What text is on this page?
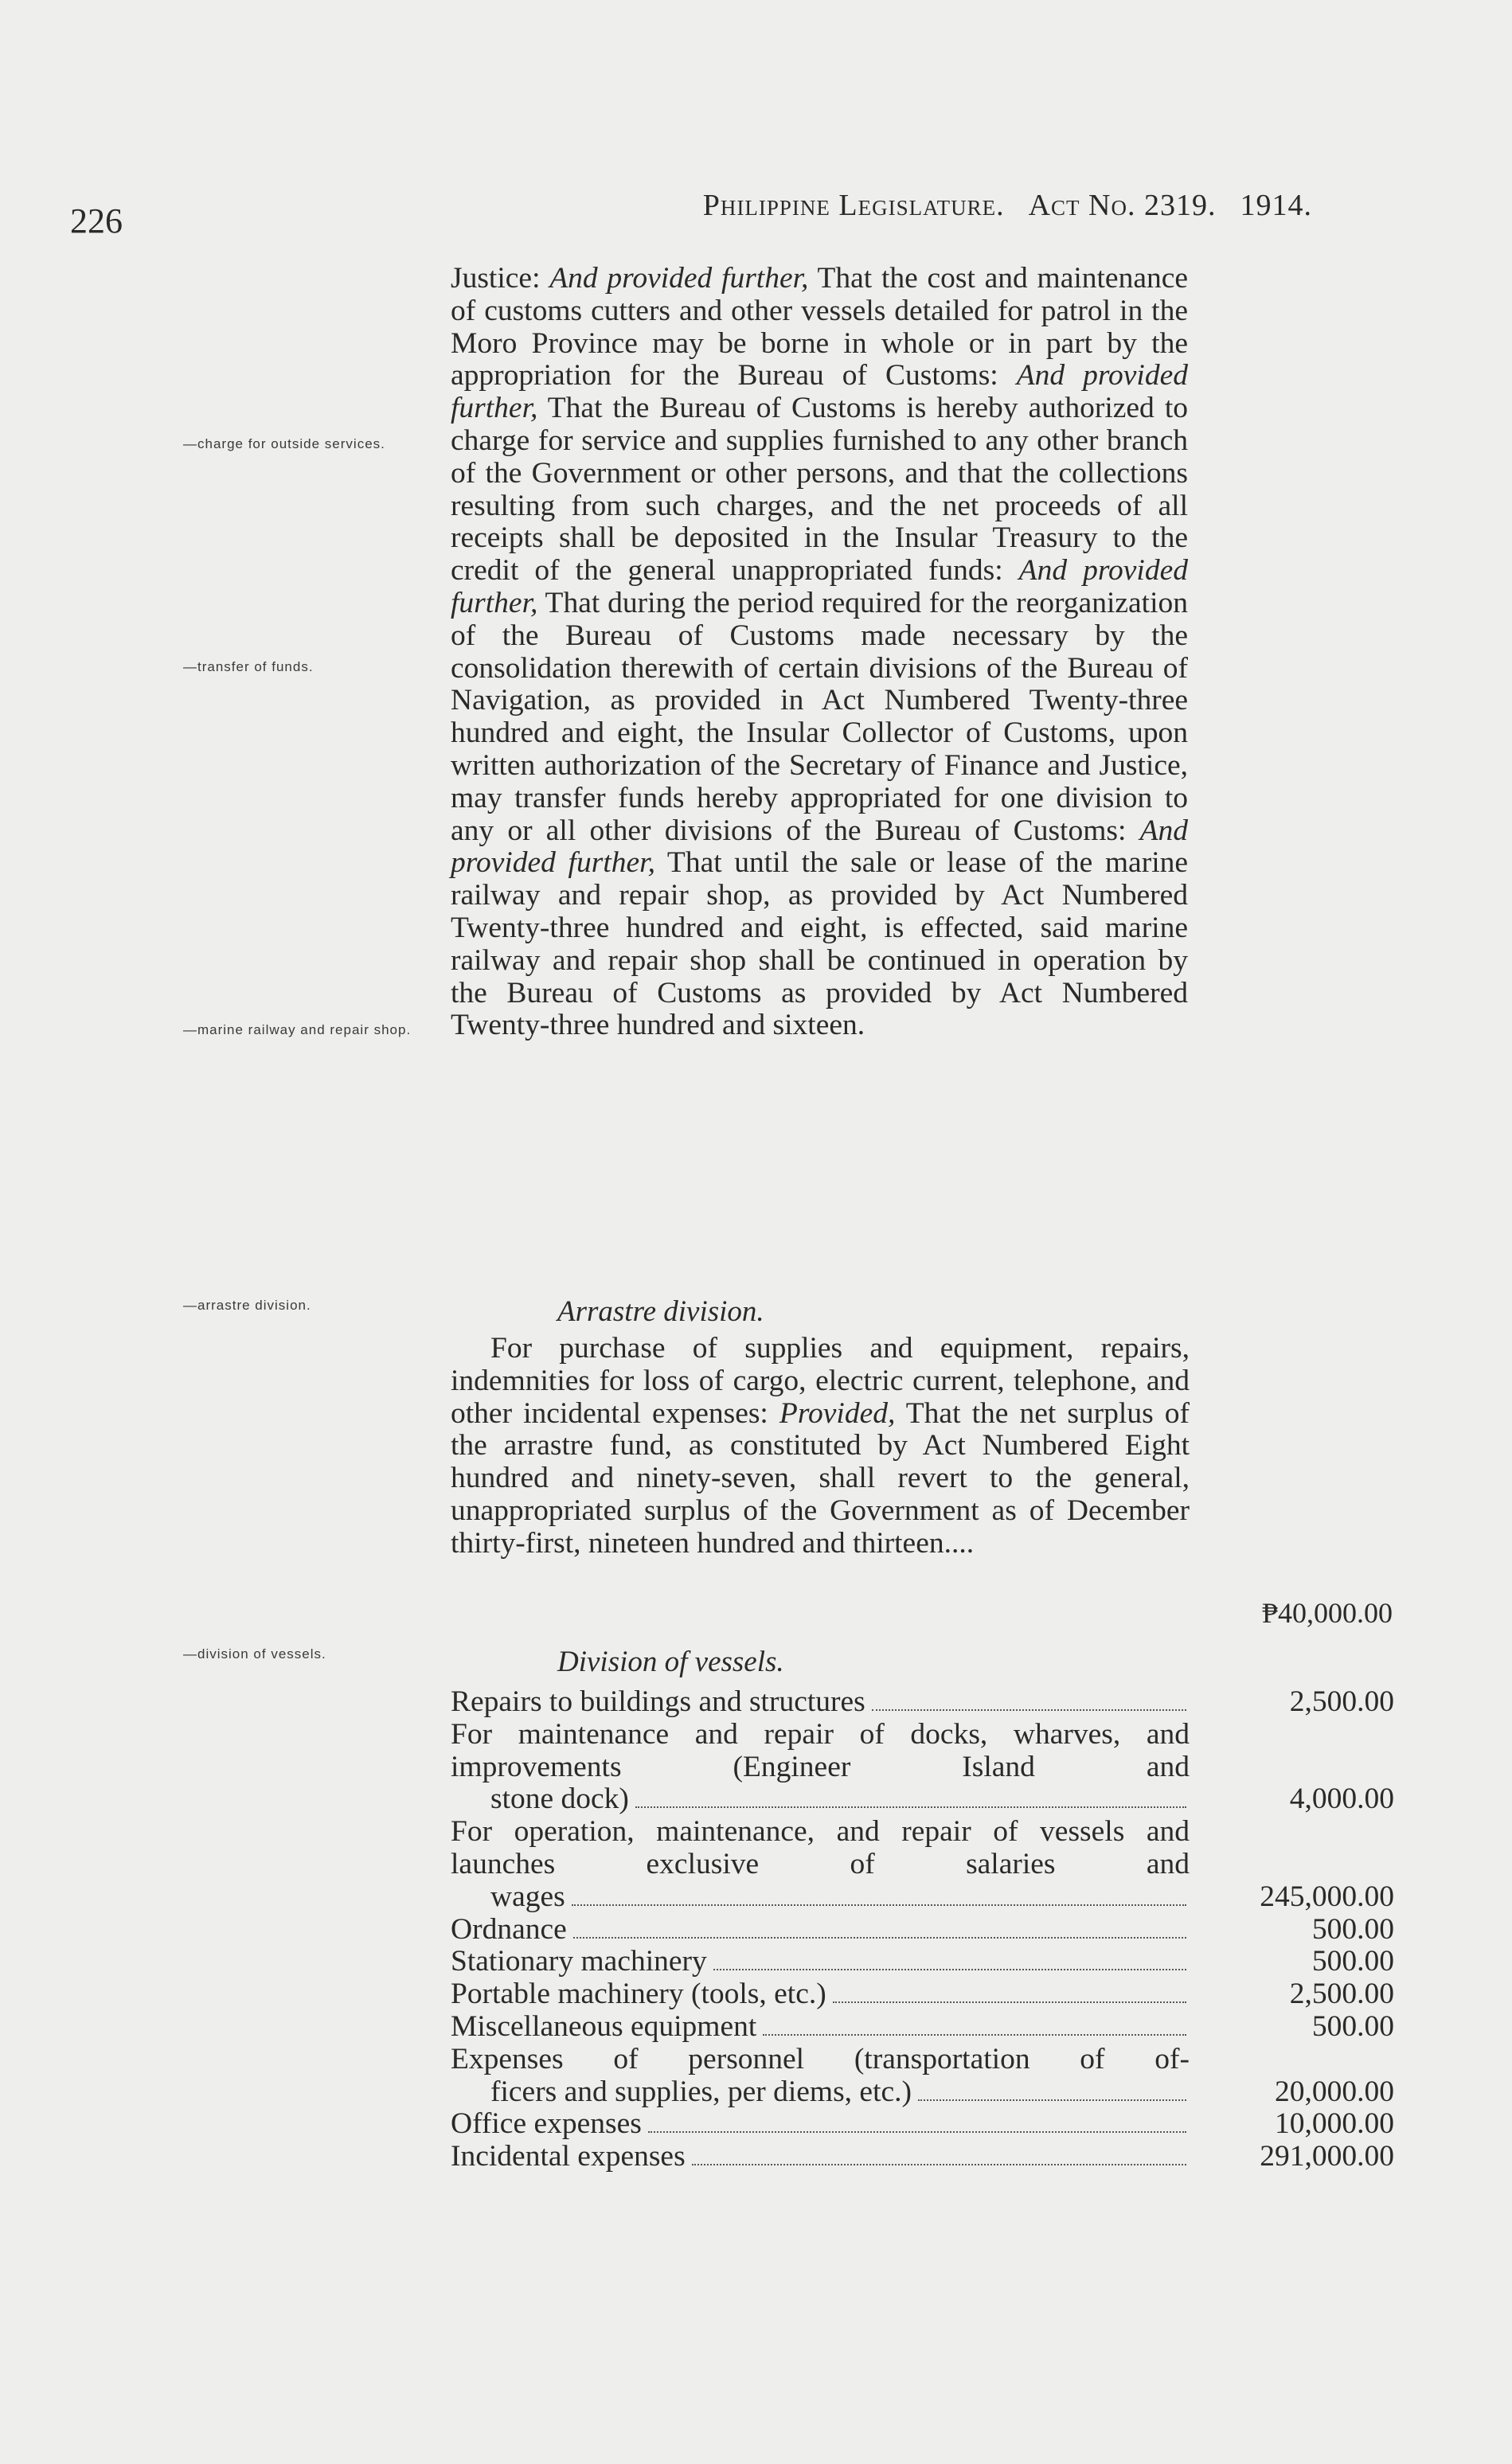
226	Philippine Legislature. Act No. 2319. 1914.
—charge for outside services.
—transfer of funds.
—marine railway and repair shop.
—arrastre division.
—division of vessels.

Justice: And provided further, That the cost and maintenance of customs cutters and other vessels detailed for patrol in the Moro Province may be borne in whole or in part by the appropriation for the Bureau of Customs: And provided further, That the Bureau of Customs is hereby authorized to charge for service and supplies furnished to any other branch of the Government or other persons, and that the collections resulting from such charges, and the net proceeds of all receipts shall be deposited in the Insular Treasury to the credit of the general unappropriated funds: And provided further, That during the period required for the reorganization of the Bureau of Customs made necessary by the consolidation therewith of certain divisions of the Bureau of Navigation, as provided in Act Numbered Twenty-three hundred and eight, the Insular Collector of Customs, upon written authorization of the Secretary of Finance and Justice, may transfer funds hereby appropriated for one division to any or all other divisions of the Bureau of Customs: And provided further, That until the sale or lease of the marine railway and repair shop, as provided by Act Numbered Twenty-three hundred and eight, is effected, said marine railway and repair shop shall be continued in operation by the Bureau of Customs as provided by Act Numbered Twenty-three hundred and sixteen.

Arrastre division.

For purchase of supplies and equipment, repairs, indemnities for loss of cargo, electric current, telephone, and other incidental expenses: Provided, That the net surplus of the arrastre fund, as constituted by Act Numbered Eight hundred and ninety-seven, shall revert to the general, unappropriated surplus of the Government as of December thirty-first, nineteen hundred and thirteen....

₱40,000.00
Division of vessels.
Repairs to buildings and structures	2,500.00
For maintenance and repair of docks, wharves, and improvements (Engineer Island and
stone dock)	4,000.00
For operation, maintenance, and repair of vessels and launches exclusive of salaries and
wages	245,000.00
Ordnance	500.00
Stationary machinery	500.00
Portable machinery (tools, etc.)	2,500.00
Miscellaneous equipment	500.00
Expenses of personnel (transportation of of-
ficers and supplies, per diems, etc.)	20,000.00
Office expenses	10,000.00
Incidental expenses	291,000.00
